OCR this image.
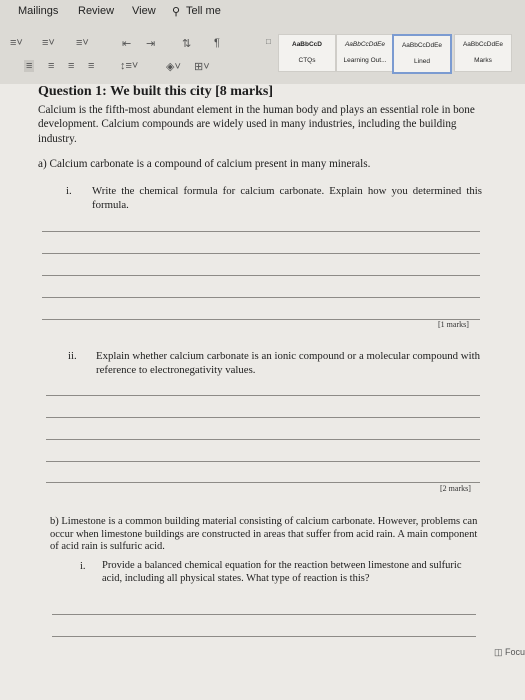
Mailings Review View ⚲ Tell me
≡˅ ≡˅ ≡˅	⇤ ⇥ ⇅ ¶	□
≡ ≡ ≡ ≡ ↕≡˅	◈˅ ⊞˅
AaBbCcD
CTQs
AaBbCcDdEe
Learning Out...
AaBbCcDdEe
Lined
AaBbCcDdEe
Marks
Question 1: We built this city [8 marks]
Calcium is the fifth-most abundant element in the human body and plays an essential role in bone development. Calcium compounds are widely used in many industries, including the building industry.
a) Calcium carbonate is a compound of calcium present in many minerals.
i. Write the chemical formula for calcium carbonate. Explain how you determined this formula.
[1 marks]
ii. Explain whether calcium carbonate is an ionic compound or a molecular compound with reference to electronegativity values.
[2 marks]
b) Limestone is a common building material consisting of calcium carbonate. However, problems can occur when limestone buildings are constructed in areas that suffer from acid rain. A main component of acid rain is sulfuric acid.
i. Provide a balanced chemical equation for the reaction between limestone and sulfuric acid, including all physical states. What type of reaction is this?
◫ Focu
